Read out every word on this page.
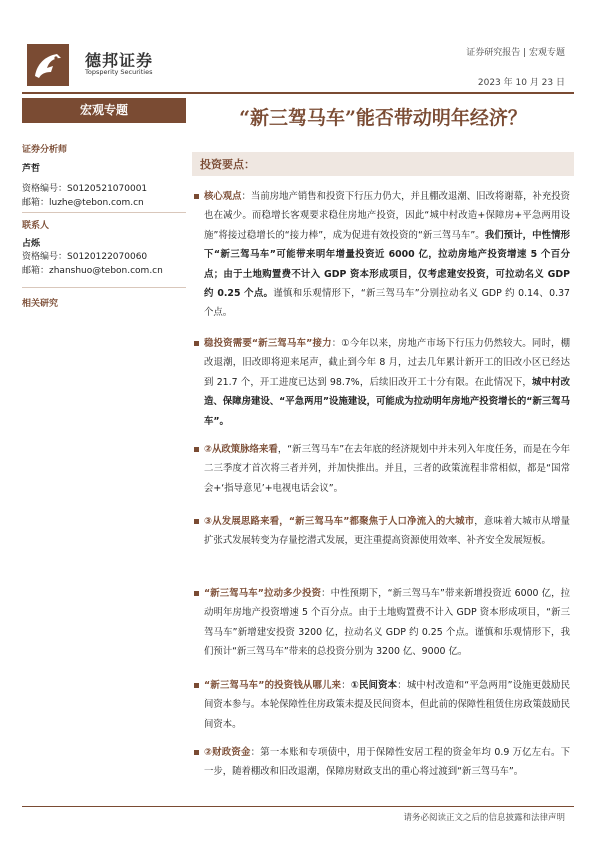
德邦证券
Topsperity Securities
证券研究报告 | 宏观专题
2023 年 10 月 23 日
宏观专题
证券分析师
芦哲
资格编号：S0120521070001
邮箱：luzhe@tebon.com.cn
联系人
占烁
资格编号：S0120122070060
邮箱：zhanshuo@tebon.com.cn
相关研究
“新三驾马车”能否带动明年经济？
投资要点：
核心观点：当前房地产销售和投资下行压力仍大，并且棚改退潮、旧改将谢幕，补充投资也在减少。而稳增长客观要求稳住房地产投资，因此“城中村改造+保障房+平急两用设施”将接过稳增长的“接力棒”，成为促进有效投资的“新三驾马车”。我们预计，中性情形下“新三驾马车”可能带来明年增量投资近 6000 亿，拉动房地产投资增速 5 个百分点；由于土地购置费不计入 GDP 资本形成项目，仅考虑建安投资，可拉动名义 GDP 约 0.25 个点。谨慎和乐观情形下，“新三驾马车”分别拉动名义 GDP 约 0.14、0.37 个点。
稳投资需要“新三驾马车”接力：①今年以来，房地产市场下行压力仍然较大。同时，棚改退潮，旧改即将迎来尾声，截止到今年 8 月，过去几年累计新开工的旧改小区已经达到 21.7 个，开工进度已达到 98.7%，后续旧改开工十分有限。在此情况下，城中村改造、保障房建设、“平急两用”设施建设，可能成为拉动明年房地产投资增长的“新三驾马车”。
②从政策脉络来看，“新三驾马车”在去年底的经济规划中并未列入年度任务，而是在今年二三季度才首次将三者并列，并加快推出。并且，三者的政策流程非常相似，都是“国常会+‘指导意见’+电视电话会议”。
③从发展思路来看，“新三驾马车”都聚焦于人口净流入的大城市，意味着大城市从增量扩张式发展转变为存量挖潜式发展，更注重提高资源使用效率、补齐安全发展短板。
“新三驾马车”拉动多少投资：中性预期下，“新三驾马车”带来新增投资近 6000 亿，拉动明年房地产投资增速 5 个百分点。由于土地购置费不计入 GDP 资本形成项目，“新三驾马车”新增建安投资 3200 亿，拉动名义 GDP 约 0.25 个点。谨慎和乐观情形下，我们预计“新三驾马车”带来的总投资分别为 3200 亿、9000 亿。
“新三驾马车”的投资钱从哪儿来：①民间资本：城中村改造和“平急两用”设施更鼓励民间资本参与。本轮保障性住房政策未提及民间资本，但此前的保障性租赁住房政策鼓励民间资本。
②财政资金：第一本账和专项债中，用于保障性安居工程的资金年均 0.9 万亿左右。下一步，随着棚改和旧改退潮，保障房财政支出的重心将过渡到“新三驾马车”。
请务必阅读正文之后的信息披露和法律声明
